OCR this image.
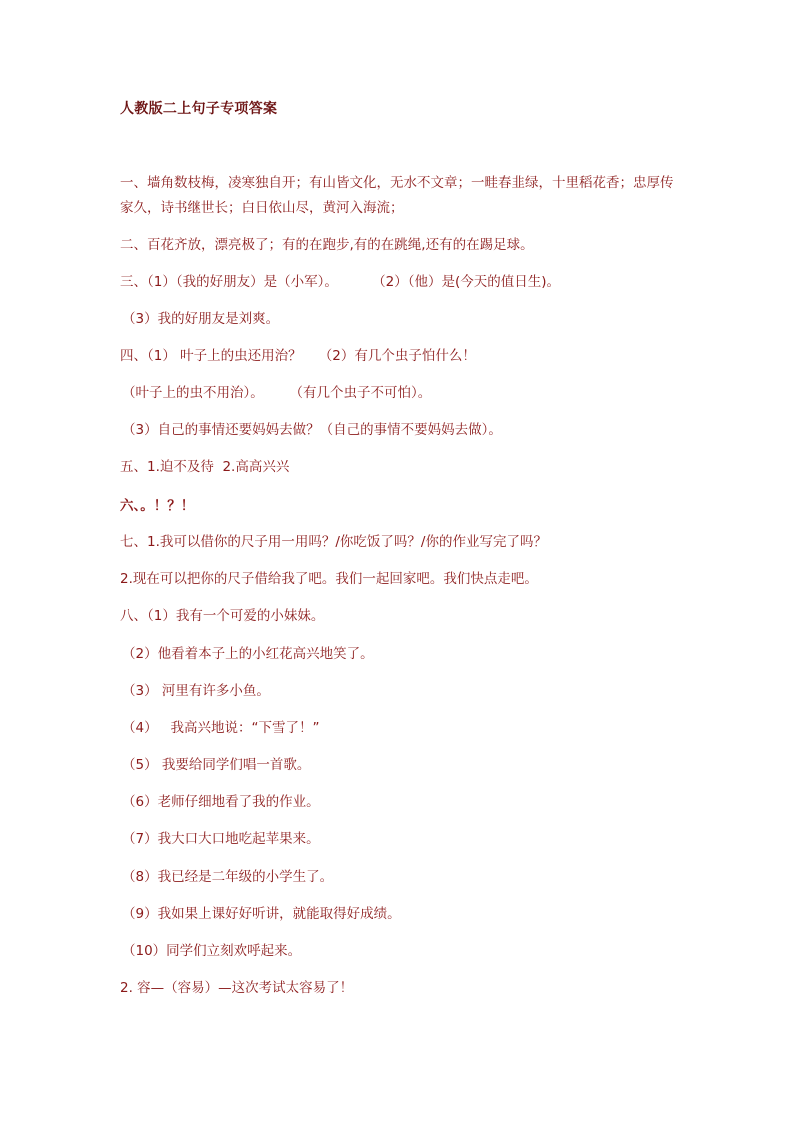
人教版二上句子专项答案
一、墙角数枝梅，凌寒独自开；有山皆文化，无水不文章；一畦春韭绿，十里稻花香；忠厚传家久，诗书继世长；白日依山尽，黄河入海流；
二、百花齐放，漂亮极了；有的在跑步,有的在跳绳,还有的在踢足球。
三、（1）（我的好朋友）是（小军）。        （2）（他）是(今天的值日生)。
（3）我的好朋友是刘爽。
四、（1） 叶子上的虫还用治？    （2）有几个虫子怕什么！
（叶子上的虫不用治）。      （有几个虫子不可怕）。
（3）自己的事情还要妈妈去做？（自己的事情不要妈妈去做）。
五、1.迫不及待  2.高高兴兴
六、。！？！
七、1.我可以借你的尺子用一用吗？/你吃饭了吗？/你的作业写完了吗？
2.现在可以把你的尺子借给我了吧。我们一起回家吧。我们快点走吧。
八、（1）我有一个可爱的小妹妹。
（2）他看着本子上的小红花高兴地笑了。
（3） 河里有许多小鱼。
（4）   我高兴地说：“下雪了！”
（5） 我要给同学们唱一首歌。
（6）老师仔细地看了我的作业。
（7）我大口大口地吃起苹果来。
（8）我已经是二年级的小学生了。
（9）我如果上课好好听讲，就能取得好成绩。
（10）同学们立刻欢呼起来。
2. 容—（容易）—这次考试太容易了！
